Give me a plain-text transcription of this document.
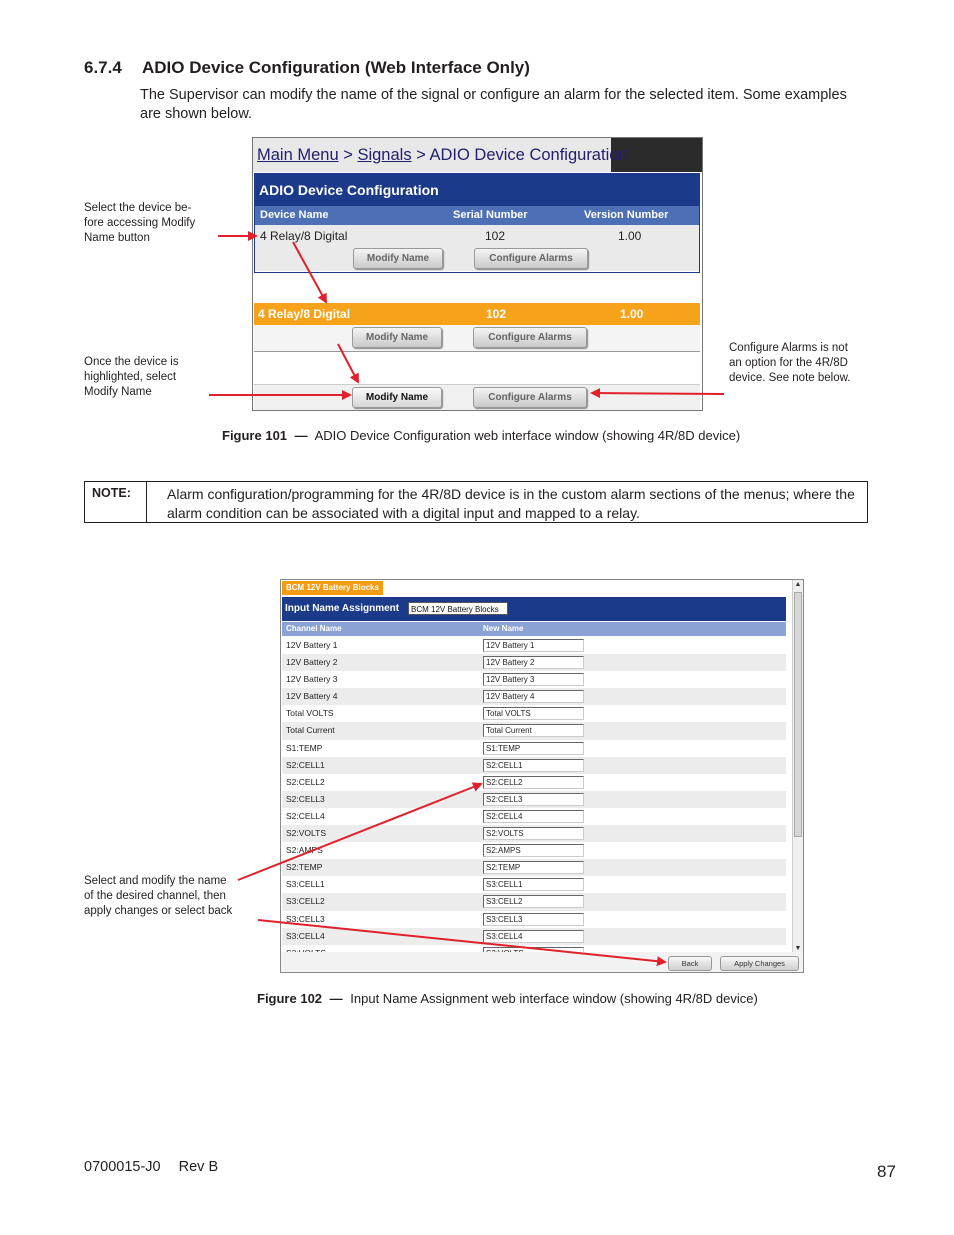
6.7.4 ADIO Device Configuration (Web Interface Only)
The Supervisor can modify the name of the signal or configure an alarm for the selected item. Some examples are shown below.
Select the device be-
fore accessing Modify
Name button
Once the device is
highlighted, select
Modify Name
Configure Alarms is not
an option for the 4R/8D
device. See note below.
Main Menu > Signals > ADIO Device Configuration
ADIO Device Configuration
Device Name	Serial Number	Version Number
4 Relay/8 Digital	102	1.00
Modify Name	Configure Alarms
4 Relay/8 Digital	102	1.00
Modify Name	Configure Alarms
Modify Name	Configure Alarms
Figure 101 — ADIO Device Configuration web interface window (showing 4R/8D device)
NOTE:	Alarm configuration/programming for the 4R/8D device is in the custom alarm sections of the menus; where the alarm condition can be associated with a digital input and mapped to a relay.
Select and modify the name
of the desired channel, then
apply changes or select back
BCM 12V Battery Blocks
Input Name Assignment	BCM 12V Battery Blocks
Channel Name	New Name
12V Battery 1	12V Battery 1
12V Battery 2	12V Battery 2
12V Battery 3	12V Battery 3
12V Battery 4	12V Battery 4
Total VOLTS	Total VOLTS
Total Current	Total Current
S1:TEMP	S1:TEMP
S2:CELL1	S2:CELL1
S2:CELL2	S2:CELL2
S2:CELL3	S2:CELL3
S2:CELL4	S2:CELL4
S2:VOLTS	S2:VOLTS
S2:AMPS	S2:AMPS
S2:TEMP	S2:TEMP
S3:CELL1	S3:CELL1
S3:CELL2	S3:CELL2
S3:CELL3	S3:CELL3
S3:CELL4	S3:CELL4
▲
▼
Back	Apply Changes
Figure 102 — Input Name Assignment web interface window (showing 4R/8D device)
0700015-J0 Rev B	87
